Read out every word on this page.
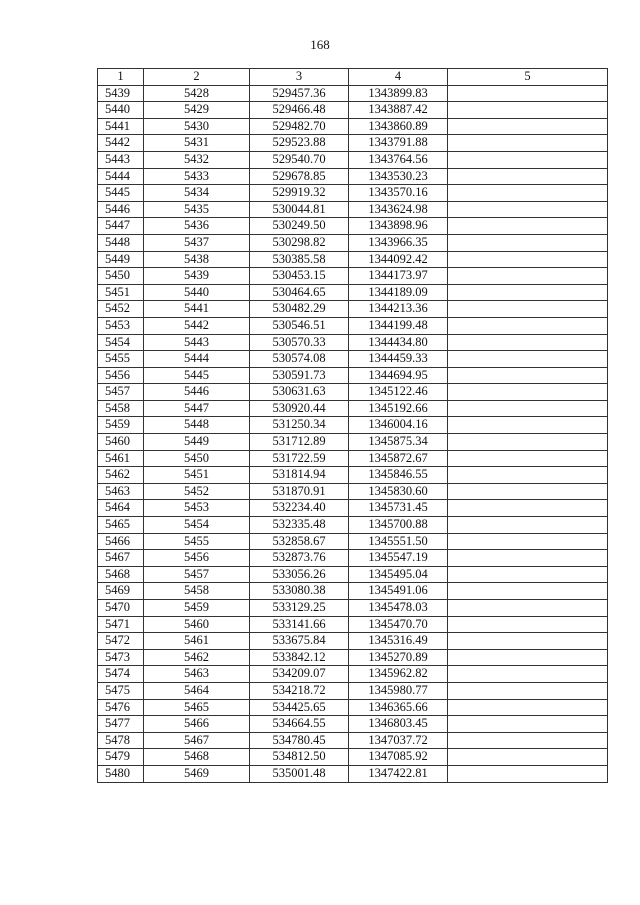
168
1	2	3	4	5
5439	5428	529457.36	1343899.83	
5440	5429	529466.48	1343887.42	
5441	5430	529482.70	1343860.89	
5442	5431	529523.88	1343791.88	
5443	5432	529540.70	1343764.56	
5444	5433	529678.85	1343530.23	
5445	5434	529919.32	1343570.16	
5446	5435	530044.81	1343624.98	
5447	5436	530249.50	1343898.96	
5448	5437	530298.82	1343966.35	
5449	5438	530385.58	1344092.42	
5450	5439	530453.15	1344173.97	
5451	5440	530464.65	1344189.09	
5452	5441	530482.29	1344213.36	
5453	5442	530546.51	1344199.48	
5454	5443	530570.33	1344434.80	
5455	5444	530574.08	1344459.33	
5456	5445	530591.73	1344694.95	
5457	5446	530631.63	1345122.46	
5458	5447	530920.44	1345192.66	
5459	5448	531250.34	1346004.16	
5460	5449	531712.89	1345875.34	
5461	5450	531722.59	1345872.67	
5462	5451	531814.94	1345846.55	
5463	5452	531870.91	1345830.60	
5464	5453	532234.40	1345731.45	
5465	5454	532335.48	1345700.88	
5466	5455	532858.67	1345551.50	
5467	5456	532873.76	1345547.19	
5468	5457	533056.26	1345495.04	
5469	5458	533080.38	1345491.06	
5470	5459	533129.25	1345478.03	
5471	5460	533141.66	1345470.70	
5472	5461	533675.84	1345316.49	
5473	5462	533842.12	1345270.89	
5474	5463	534209.07	1345962.82	
5475	5464	534218.72	1345980.77	
5476	5465	534425.65	1346365.66	
5477	5466	534664.55	1346803.45	
5478	5467	534780.45	1347037.72	
5479	5468	534812.50	1347085.92	
5480	5469	535001.48	1347422.81	
